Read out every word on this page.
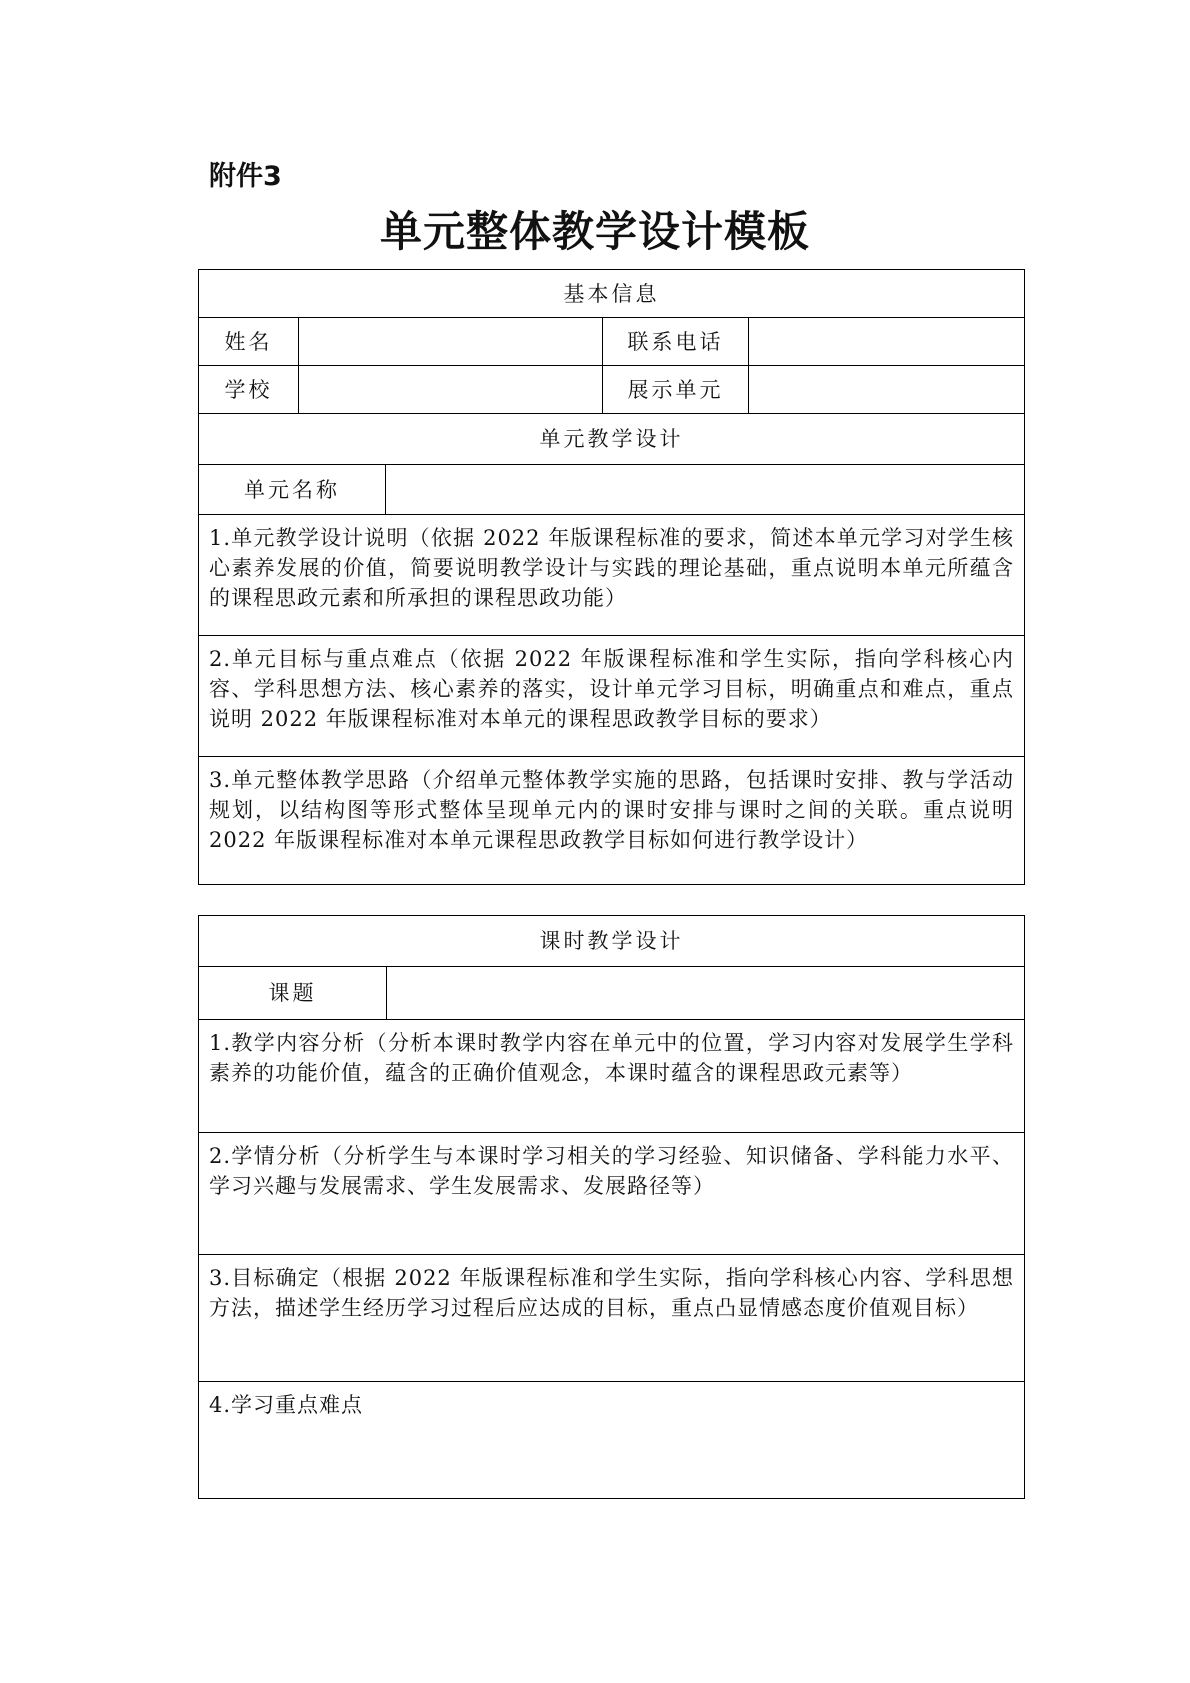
附件3
单元整体教学设计模板
基本信息				
姓名			联系电话	
学校			展示单元	
单元教学设计				
单元名称				
1.单元教学设计说明（依据 2022 年版课程标准的要求，简述本单元学习对学生核心素养发展的价值，简要说明教学设计与实践的理论基础，重点说明本单元所蕴含的课程思政元素和所承担的课程思政功能）				
2.单元目标与重点难点（依据 2022 年版课程标准和学生实际，指向学科核心内容、学科思想方法、核心素养的落实，设计单元学习目标，明确重点和难点，重点说明 2022 年版课程标准对本单元的课程思政教学目标的要求）				
3.单元整体教学思路（介绍单元整体教学实施的思路，包括课时安排、教与学活动规划，以结构图等形式整体呈现单元内的课时安排与课时之间的关联。重点说明 2022 年版课程标准对本单元课程思政教学目标如何进行教学设计）				
课时教学设计
课题	
1.教学内容分析（分析本课时教学内容在单元中的位置，学习内容对发展学生学科素养的功能价值，蕴含的正确价值观念，本课时蕴含的课程思政元素等）
2.学情分析（分析学生与本课时学习相关的学习经验、知识储备、学科能力水平、学习兴趣与发展需求、学生发展需求、发展路径等）
3.目标确定（根据 2022 年版课程标准和学生实际，指向学科核心内容、学科思想方法，描述学生经历学习过程后应达成的目标，重点凸显情感态度价值观目标）
4.学习重点难点
